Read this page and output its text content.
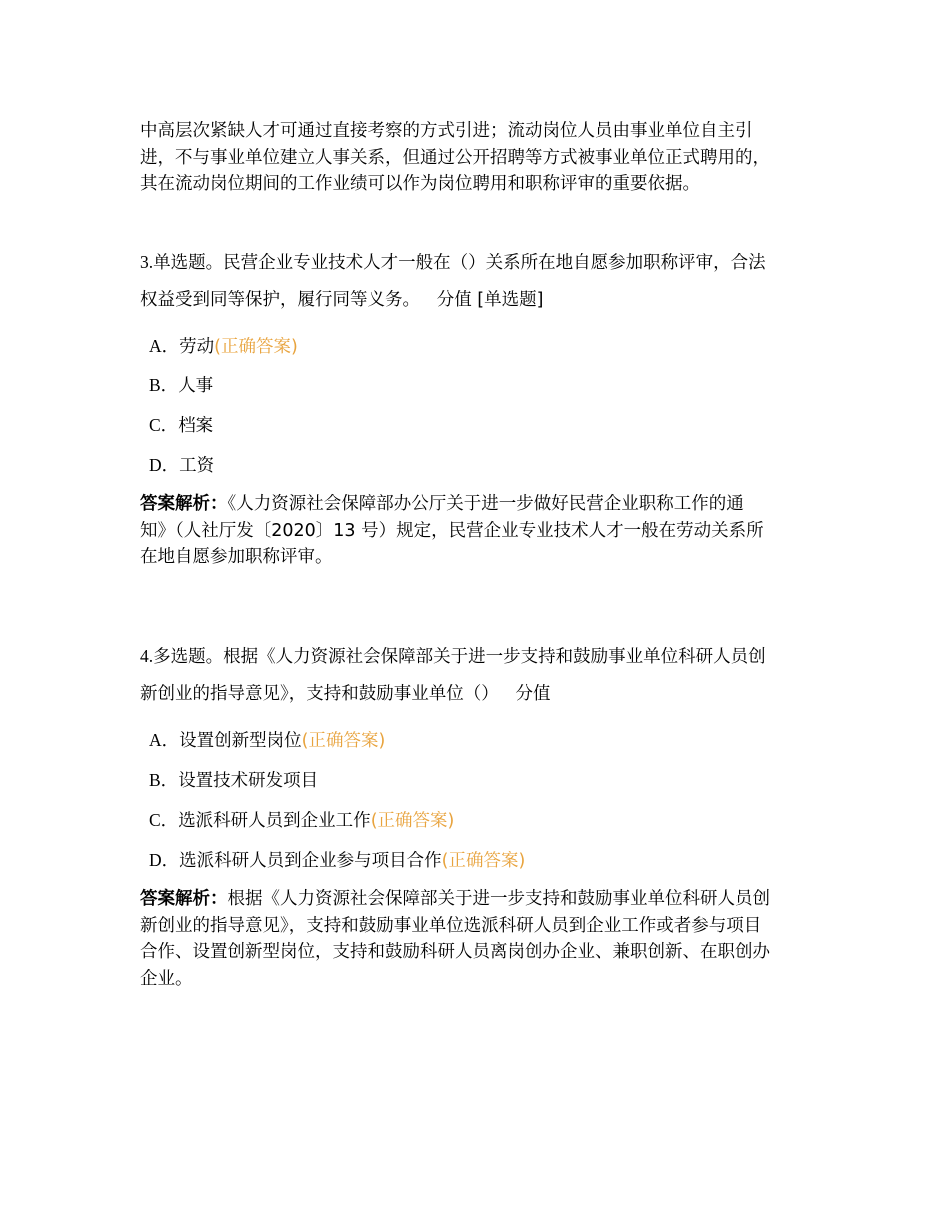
中高层次紧缺人才可通过直接考察的方式引进；流动岗位人员由事业单位自主引
进，不与事业单位建立人事关系，但通过公开招聘等方式被事业单位正式聘用的，
其在流动岗位期间的工作业绩可以作为岗位聘用和职称评审的重要依据。
3.单选题。民营企业专业技术人才一般在（）关系所在地自愿参加职称评审，合法
权益受到同等保护，履行同等义务。 分值 [单选题]
A．劳动(正确答案)
B．人事
C．档案
D．工资
答案解析：《人力资源社会保障部办公厅关于进一步做好民营企业职称工作的通
知》（人社厅发〔2020〕13 号）规定，民营企业专业技术人才一般在劳动关系所
在地自愿参加职称评审。
4.多选题。根据《人力资源社会保障部关于进一步支持和鼓励事业单位科研人员创
新创业的指导意见》，支持和鼓励事业单位（） 分值
A．设置创新型岗位(正确答案)
B．设置技术研发项目
C．选派科研人员到企业工作(正确答案)
D．选派科研人员到企业参与项目合作(正确答案)
答案解析：根据《人力资源社会保障部关于进一步支持和鼓励事业单位科研人员创
新创业的指导意见》，支持和鼓励事业单位选派科研人员到企业工作或者参与项目
合作、设置创新型岗位，支持和鼓励科研人员离岗创办企业、兼职创新、在职创办
企业。
